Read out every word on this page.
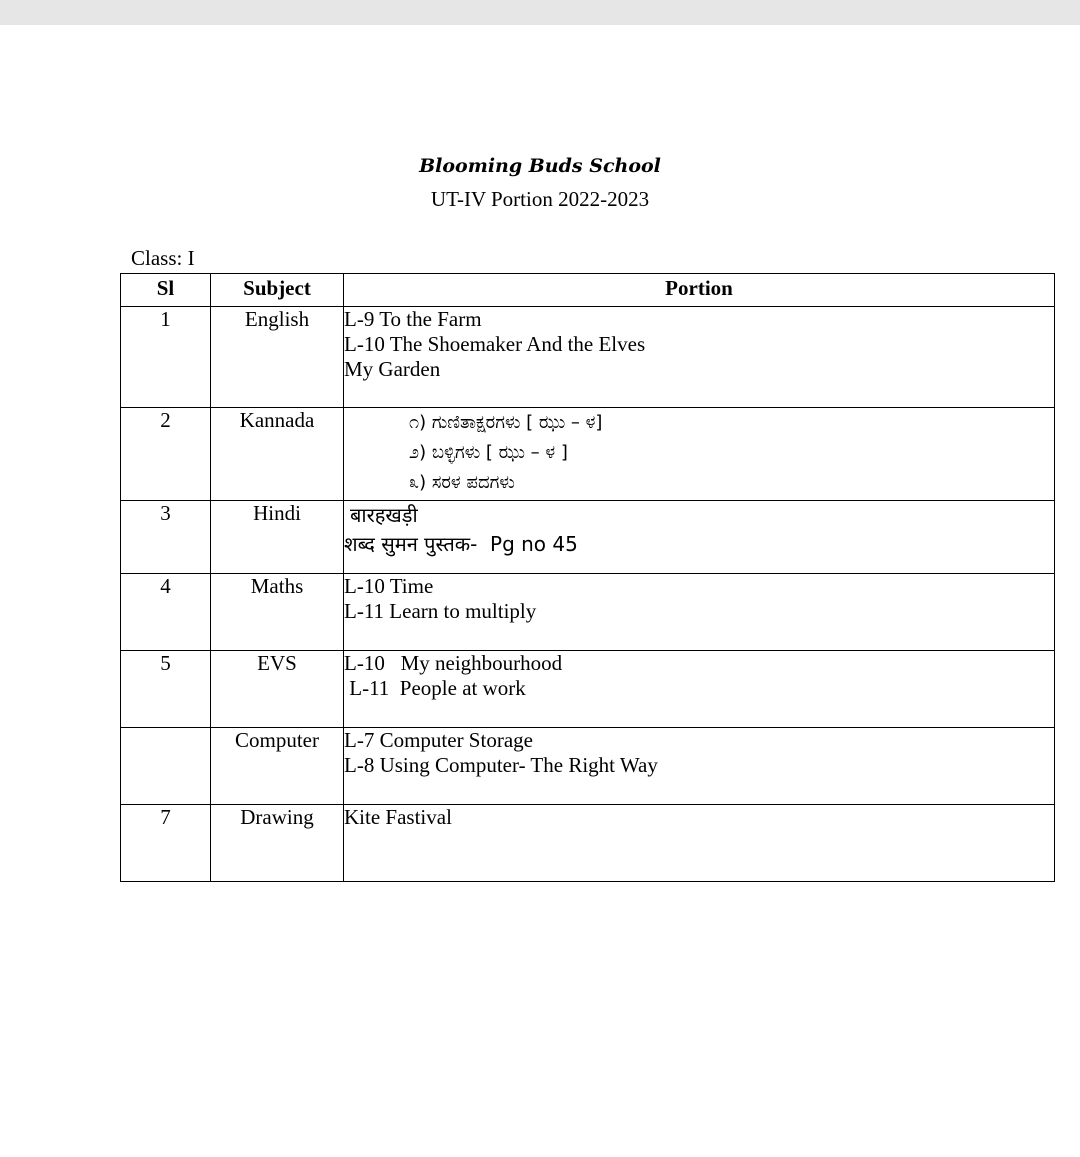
Blooming Buds School
UT-IV Portion 2022-2023
Class: I
Sl	Subject	Portion
1	English	L-9 To the Farm
L-10 The Shoemaker And the Elves
My Garden

2	Kannada	೧) ಗುಣಿತಾಕ್ಷರಗಳು [ ಝು – ಳ]
೨) ಬಳ್ಳಿಗಳು [ ಝು – ಳ ]
೩) ಸರಳ ಪದಗಳು

3	Hindi	बारहखड़ी
शब्द सुमन पुस्तक-  Pg no 45

4	Maths	L-10 Time
L-11 Learn to multiply

5	EVS	L-10   My neighbourhood
L-11  People at work

	Computer	L-7 Computer Storage
L-8 Using Computer- The Right Way

7	Drawing	Kite Fastival
